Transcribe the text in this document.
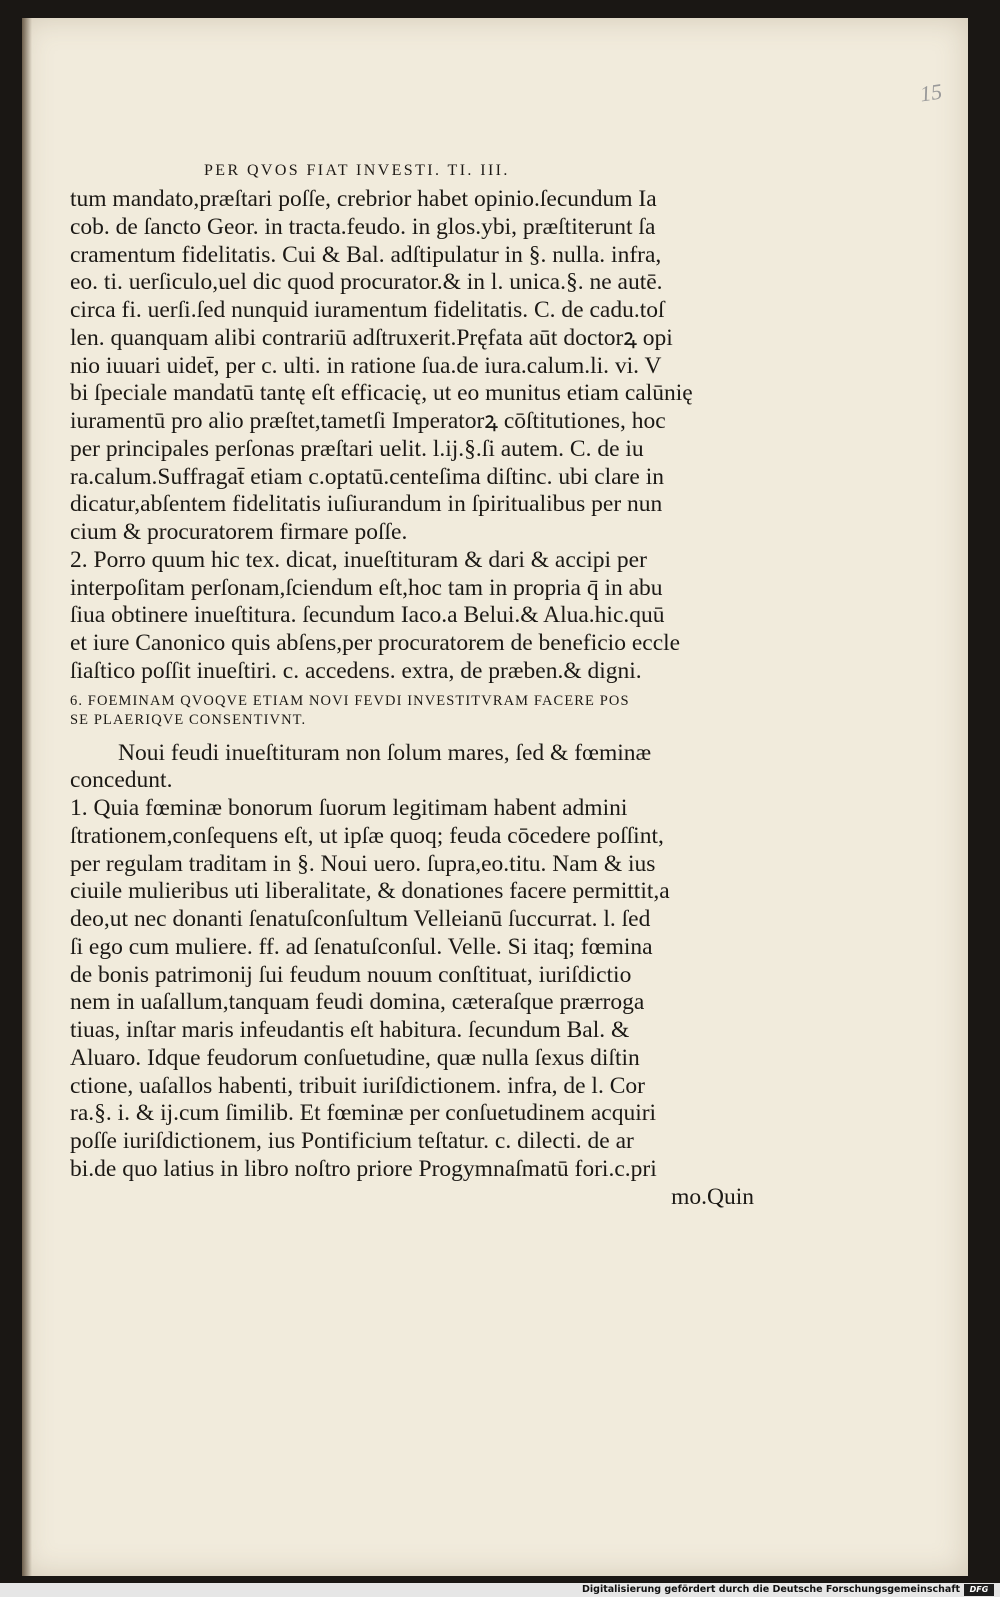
15
PER QVOS FIAT INVESTI. TI. III.
tum mandato,præſtari poſſe, crebrior habet opinio.ſecundum Ia
cob. de ſancto Geor. in tracta.feudo. in glos.ybi, præſtiterunt ſa
cramentum fidelitatis. Cui & Bal. adſtipulatur in §. nulla. infra,
eo. ti. uerſiculo,uel dic quod procurator.& in l. unica.§. ne autē.
circa fi. uerſi.ſed nunquid iuramentum fidelitatis. C. de cadu.toſ
len. quanquam alibi contrariū adſtruxerit.Pręfata aūt doctorꝝ opi
nio iuuari uidet̄, per c. ulti. in ratione ſua.de iura.calum.li. vi. V
bi ſpeciale mandatū tantę eſt efficacię, ut eo munitus etiam calūnię
iuramentū pro alio præſtet,tametſi Imperatorꝝ cōſtitutiones, hoc
per principales perſonas præſtari uelit. l.ij.§.ſi autem. C. de iu
ra.calum.Suffragat̄ etiam c.optatū.centeſima diſtinc. ubi clare in
dicatur,abſentem fidelitatis iuſiurandum in ſpiritualibus per nun
cium & procuratorem firmare poſſe.
2. Porro quum hic tex. dicat, inueſtituram & dari & accipi per
interpoſitam perſonam,ſciendum eſt,hoc tam in propria q̄ in abu
ſiua obtinere inueſtitura. ſecundum Iaco.a Belui.& Alua.hic.quū
et iure Canonico quis abſens,per procuratorem de beneficio eccle
ſiaſtico poſſit inueſtiri. c. accedens. extra, de præben.& digni.
6. FOEMINAM QVOQVE ETIAM NOVI FEVDI INVESTITVRAM FACERE POS
SE PLAERIQVE CONSENTIVNT.
Noui feudi inueſtituram non ſolum mares, ſed & fœminæ
concedunt.
1. Quia fœminæ bonorum ſuorum legitimam habent admini
ſtrationem,conſequens eſt, ut ipſæ quoq; feuda cōcedere poſſint,
per regulam traditam in §. Noui uero. ſupra,eo.titu. Nam & ius
ciuile mulieribus uti liberalitate, & donationes facere permittit,a
deo,ut nec donanti ſenatuſconſultum Velleianū ſuccurrat. l. ſed
ſi ego cum muliere. ff. ad ſenatuſconſul. Velle. Si itaq; fœmina
de bonis patrimonij ſui feudum nouum conſtituat, iuriſdictio
nem in uaſallum,tanquam feudi domina, cæteraſque prærroga
tiuas, inſtar maris infeudantis eſt habitura. ſecundum Bal. &
Aluaro. Idque feudorum conſuetudine, quæ nulla ſexus diſtin
ctione, uaſallos habenti, tribuit iuriſdictionem. infra, de l. Cor
ra.§. i. & ij.cum ſimilib. Et fœminæ per conſuetudinem acquiri
poſſe iuriſdictionem, ius Pontificium teſtatur. c. dilecti. de ar
bi.de quo latius in libro noſtro priore Progymnaſmatū fori.c.pri
mo.Quin
Digitalisierung gefördert durch die Deutsche Forschungsgemeinschaft	DFG
